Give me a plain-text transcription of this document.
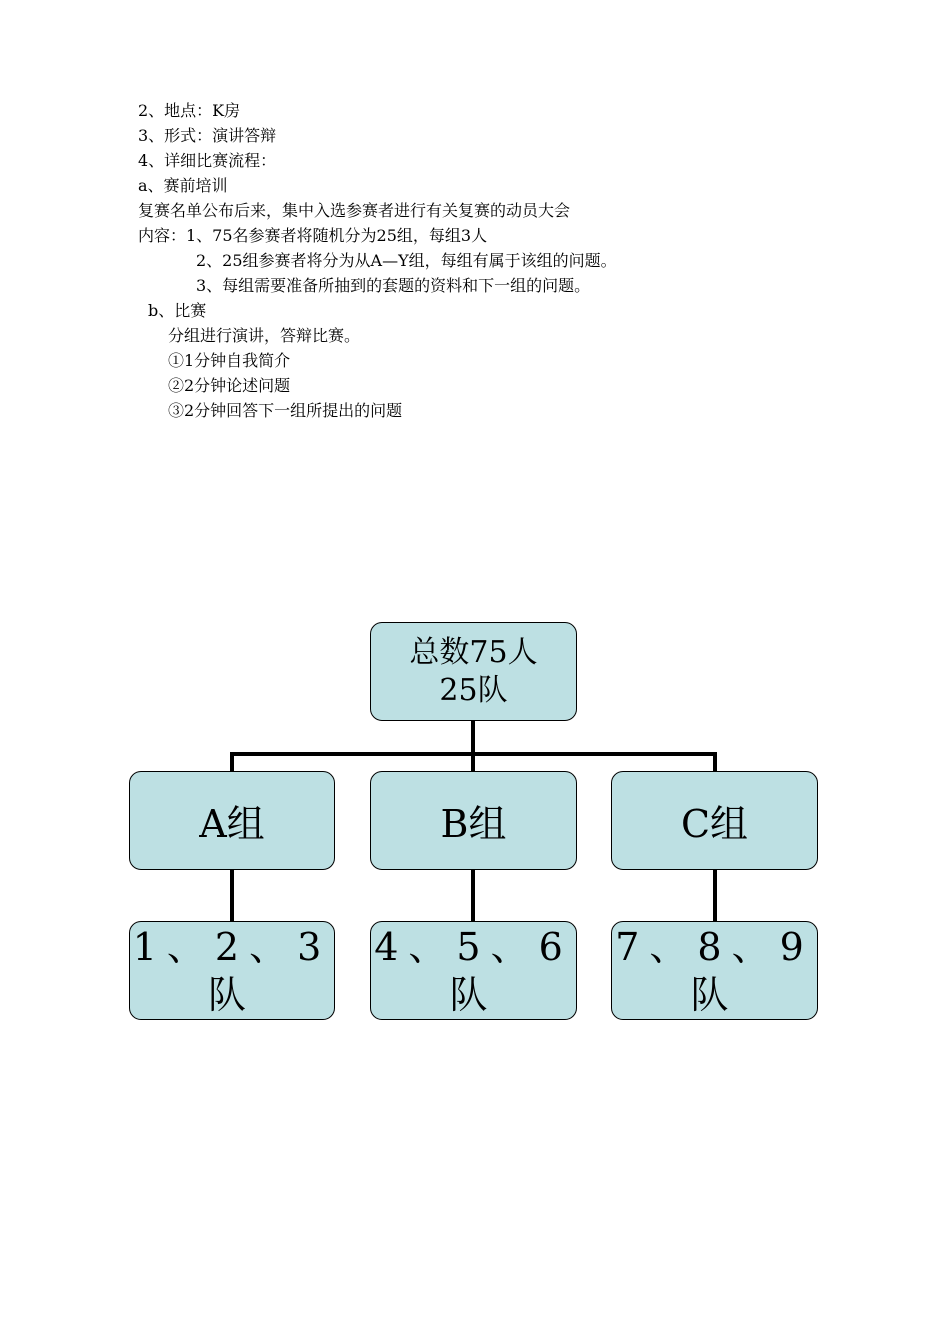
2、地点：K房
3、形式：演讲答辩
4、详细比赛流程：
a、赛前培训
复赛名单公布后来，集中入选参赛者进行有关复赛的动员大会
内容：1、75名参赛者将随机分为25组，每组3人
2、25组参赛者将分为从A—Y组，每组有属于该组的问题。
3、每组需要准备所抽到的套题的资料和下一组的问题。
b、比赛
分组进行演讲，答辩比赛。
①1分钟自我简介
②2分钟论述问题
③2分钟回答下一组所提出的问题
总数75人
25队
A组	B组	C组
1、2、3
队
4、5、6
队
7、8、9
队
